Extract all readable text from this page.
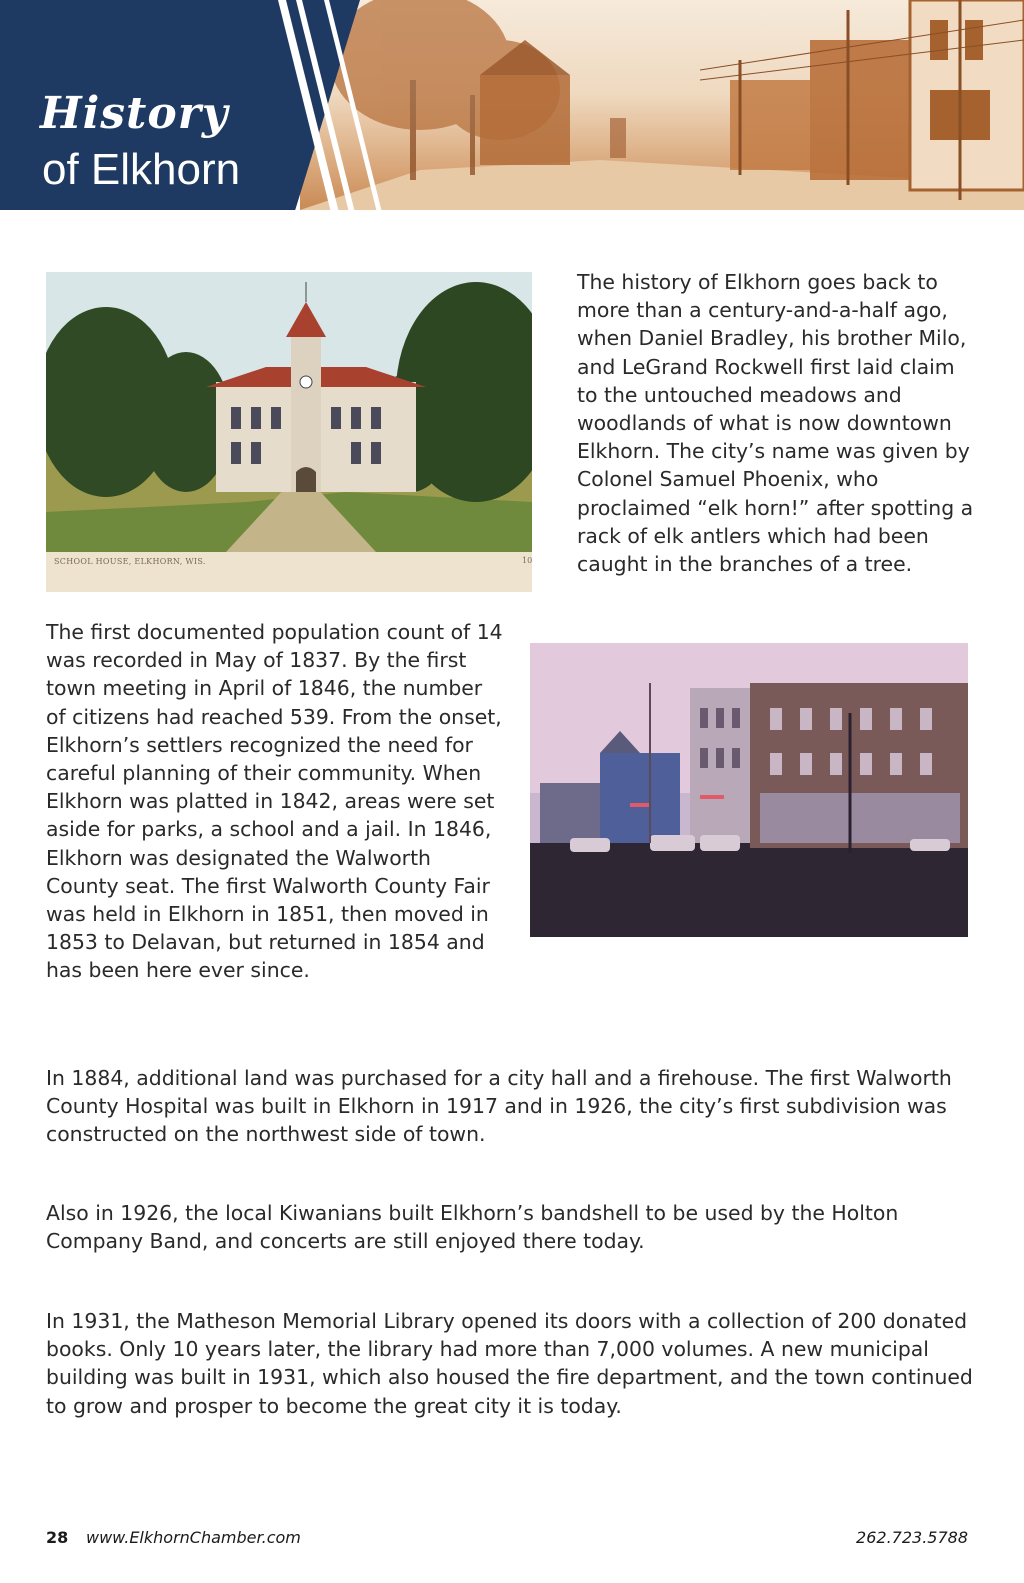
History
of Elkhorn
SCHOOL HOUSE, ELKHORN, WIS.	10

The history of Elkhorn goes back to more than a century-and-a-half ago, when Daniel Bradley, his brother Milo, and LeGrand Rockwell first laid claim to the untouched meadows and woodlands of what is now downtown Elkhorn. The city’s name was given by Colonel Samuel Phoenix, who proclaimed “elk horn!” after spotting a rack of elk antlers which had been caught in the branches of a tree.

The first documented population count of 14 was recorded in May of 1837. By the first town meeting in April of 1846, the number of citizens had reached 539. From the onset, Elkhorn’s settlers recognized the need for careful planning of their community. When Elkhorn was platted in 1842, areas were set aside for parks, a school and a jail. In 1846, Elkhorn was designated the Walworth County seat. The first Walworth County Fair was held in Elkhorn in 1851, then moved in 1853 to Delavan, but returned in 1854 and has been here ever since.

In 1884, additional land was purchased for a city hall and a firehouse. The first Walworth County Hospital was built in Elkhorn in 1917 and in 1926, the city’s first subdivision was constructed on the northwest side of town.

Also in 1926, the local Kiwanians built Elkhorn’s bandshell to be used by the Holton Company Band, and concerts are still enjoyed there today.

In 1931, the Matheson Memorial Library opened its doors with a collection of 200 donated books. Only 10 years later, the library had more than 7,000 volumes. A new municipal building was built in 1931, which also housed the fire department, and the town continued to grow and prosper to become the great city it is today.

28 www.ElkhornChamber.com	262.723.5788
